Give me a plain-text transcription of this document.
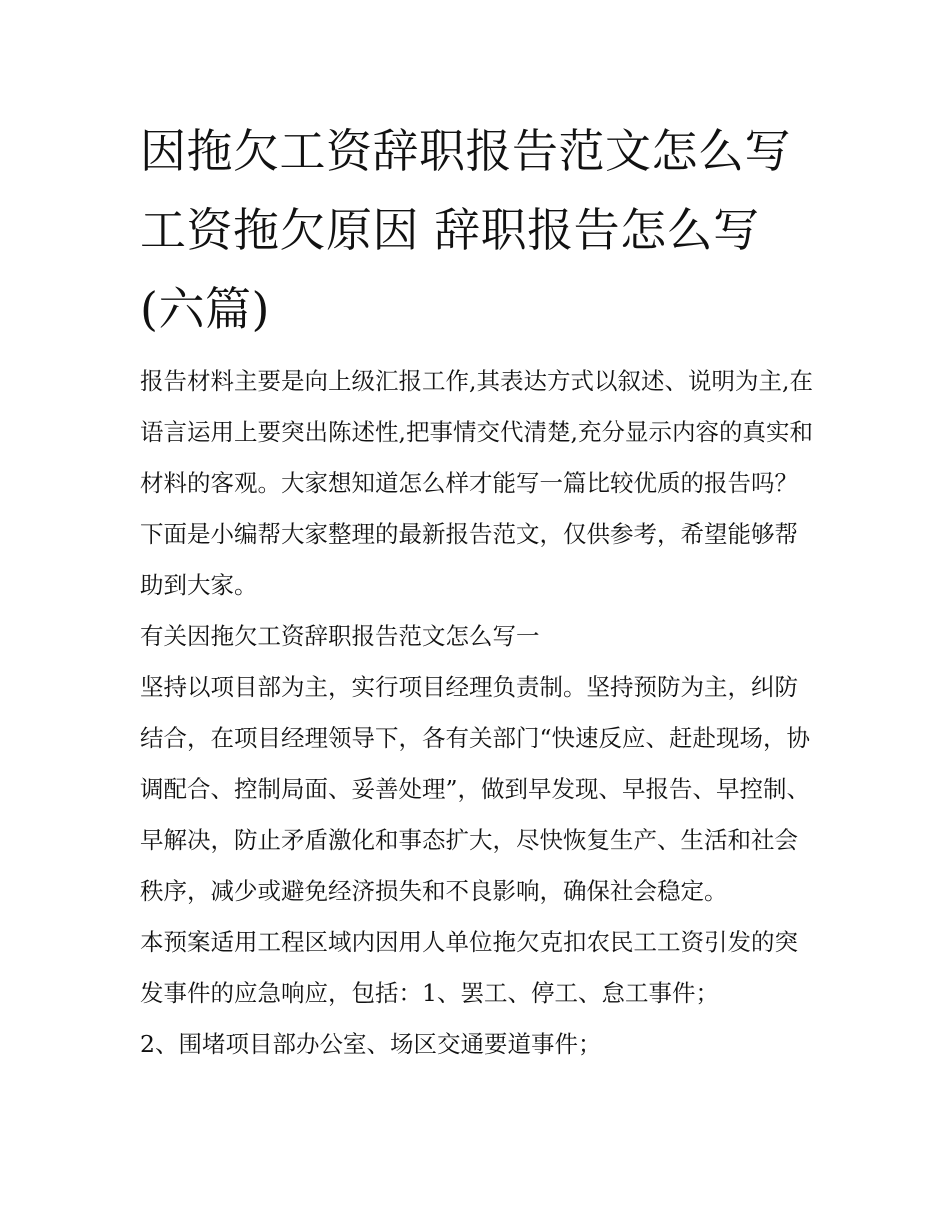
因拖欠工资辞职报告范文怎么写 工资拖欠原因 辞职报告怎么写(六篇)

报告材料主要是向上级汇报工作,其表达方式以叙述、说明为主,在语言运用上要突出陈述性,把事情交代清楚,充分显示内容的真实和材料的客观。大家想知道怎么样才能写一篇比较优质的报告吗？下面是小编帮大家整理的最新报告范文，仅供参考，希望能够帮助到大家。

有关因拖欠工资辞职报告范文怎么写一

坚持以项目部为主，实行项目经理负责制。坚持预防为主，纠防结合，在项目经理领导下，各有关部门“快速反应、赶赴现场，协调配合、控制局面、妥善处理”，做到早发现、早报告、早控制、早解决，防止矛盾激化和事态扩大，尽快恢复生产、生活和社会秩序，减少或避免经济损失和不良影响，确保社会稳定。

本预案适用工程区域内因用人单位拖欠克扣农民工工资引发的突发事件的应急响应，包括：1、罢工、停工、怠工事件；

2、围堵项目部办公室、场区交通要道事件；
